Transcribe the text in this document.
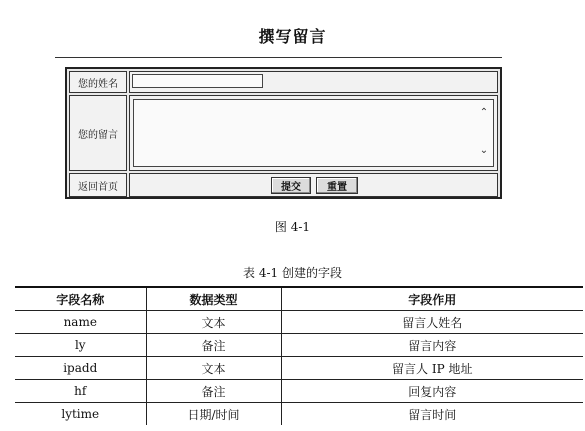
撰写留言
您的姓名
您的留言
⌃
⌄
返回首页	提交	重置
图 4-1
表 4-1 创建的字段
字段名称	数据类型	字段作用
name	文本	留言人姓名
ly	备注	留言内容
ipadd	文本	留言人 IP 地址
hf	备注	回复内容
lytime	日期/时间	留言时间
